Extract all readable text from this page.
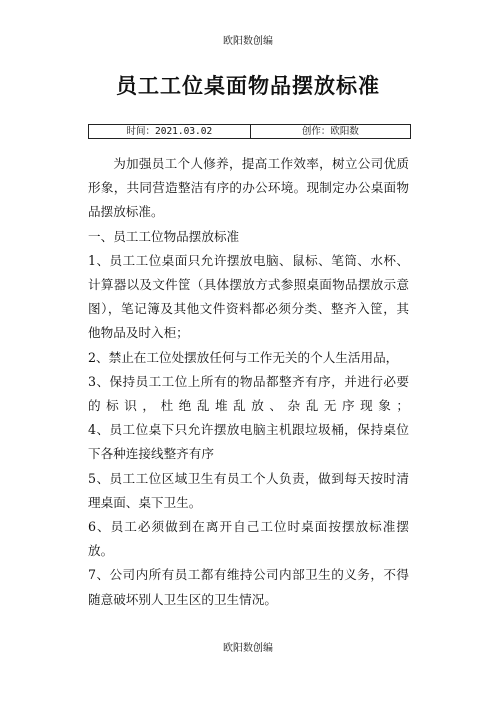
欧阳数创编
员工工位桌面物品摆放标准
时间：2021.03.02	创作：欧阳数

为加强员工个人修养，提高工作效率，树立公司优质形象，共同营造整洁有序的办公环境。现制定办公桌面物品摆放标准。

一、员工工位物品摆放标准

1、员工工位桌面只允许摆放电脑、鼠标、笔筒、水杯、计算器以及文件筐（具体摆放方式参照桌面物品摆放示意图），笔记簿及其他文件资料都必须分类、整齐入筐，其他物品及时入柜；

2、禁止在工位处摆放任何与工作无关的个人生活用品，

3、保持员工工位上所有的物品都整齐有序，并进行必要的标识，杜绝乱堆乱放、杂乱无序现象；

4、员工位桌下只允许摆放电脑主机跟垃圾桶，保持桌位下各种连接线整齐有序

5、员工工位区域卫生有员工个人负责，做到每天按时清理桌面、桌下卫生。

6、员工必须做到在离开自己工位时桌面按摆放标准摆放。

7、公司内所有员工都有维持公司内部卫生的义务，不得随意破坏别人卫生区的卫生情况。

欧阳数创编
